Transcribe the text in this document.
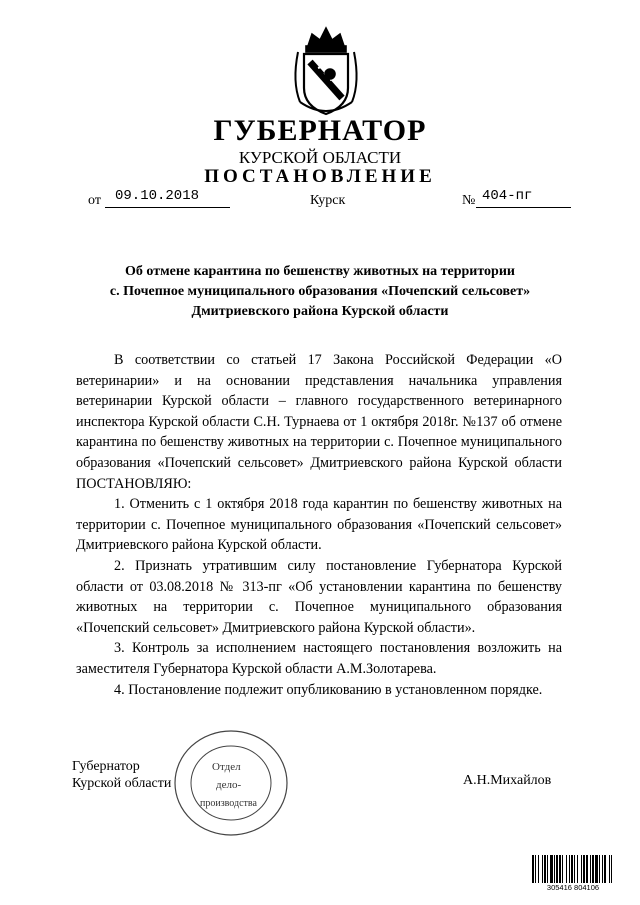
ГУБЕРНАТОР
КУРСКОЙ ОБЛАСТИ
ПОСТАНОВЛЕНИЕ
от	09.10.2018	Курск	№ 404-пг
Об отмене карантина по бешенству животных на территории
с. Почепное муниципального образования «Почепский сельсовет»
Дмитриевского района Курской области

В соответствии со статьей 17 Закона Российской Федерации «О ветеринарии» и на основании представления начальника управления ветеринарии Курской области – главного государственного ветеринарного инспектора Курской области С.Н. Турнаева от 1 октября 2018г. №137 об отмене карантина по бешенству животных на территории с. Почепное муниципального образования «Почепский сельсовет» Дмитриевского района Курской области ПОСТАНОВЛЯЮ:

1. Отменить с 1 октября 2018 года карантин по бешенству животных на территории с. Почепное муниципального образования «Почепский сельсовет» Дмитриевского района Курской области.

2. Признать утратившим силу постановление Губернатора Курской области от 03.08.2018 № 313-пг «Об установлении карантина по бешенству животных на территории с. Почепное муниципального образования «Почепский сельсовет» Дмитриевского района Курской области».

3. Контроль за исполнением настоящего постановления возложить на заместителя Губернатора Курской области А.М.Золотарева.

4. Постановление подлежит опубликованию в установленном порядке.

Губернатор
Курской области	А.Н.Михайлов
Отдел
дело-
производства
305416 804106
